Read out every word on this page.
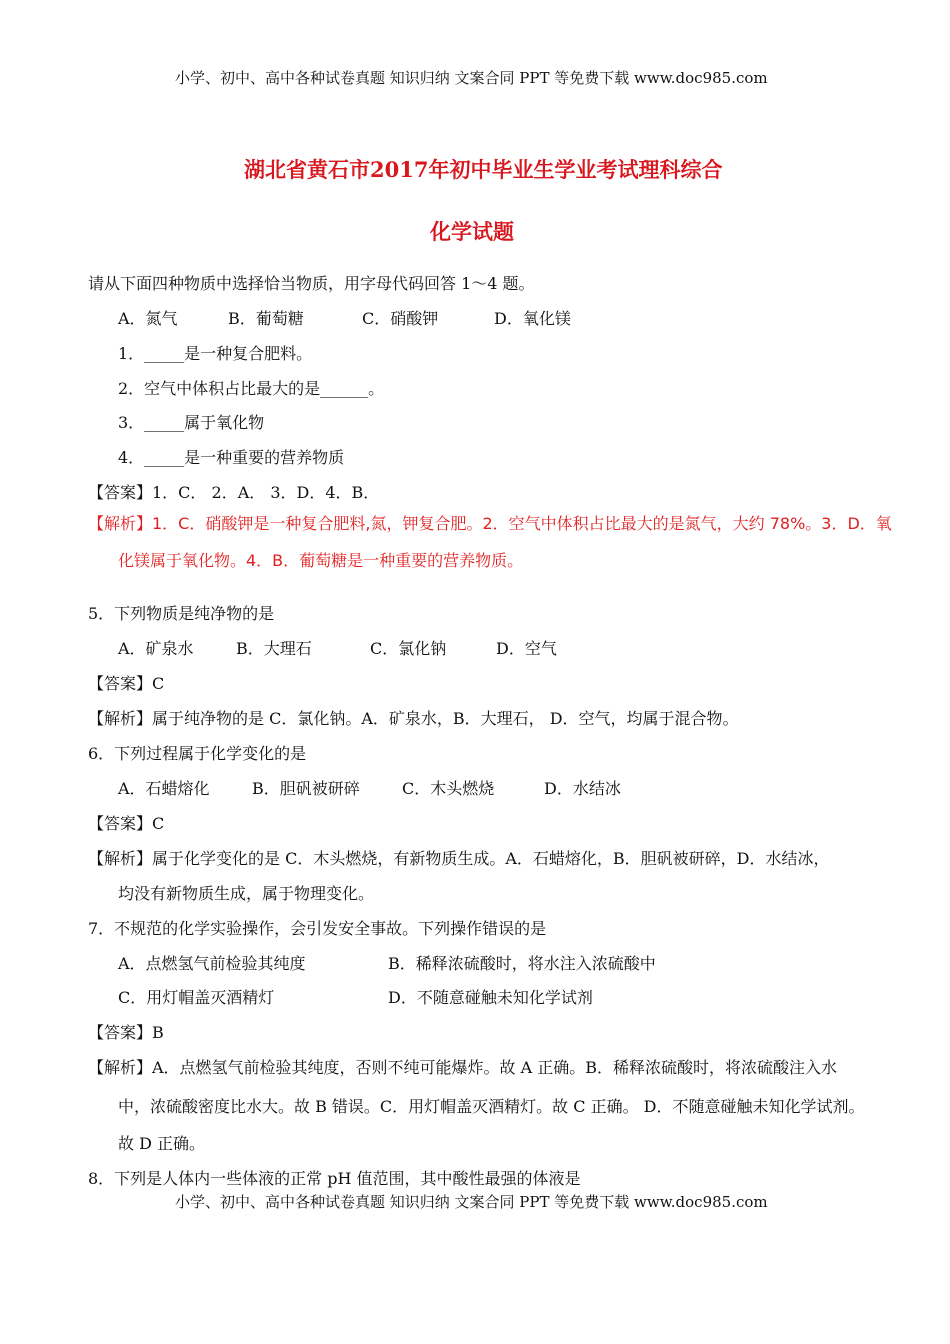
小学、初中、高中各种试卷真题 知识归纳 文案合同 PPT 等免费下载 www.doc985.com
湖北省黄石市2017年初中毕业生学业考试理科综合
化学试题
请从下面四种物质中选择恰当物质，用字母代码回答 1～4 题。
A．氮气	B．葡萄糖	C．硝酸钾	D．氧化镁
1．_____是一种复合肥料。
2．空气中体积占比最大的是______。
3．_____属于氧化物
4．_____是一种重要的营养物质
【答案】1．C． 2．A． 3．D．4．B．
【解析】1．C．硝酸钾是一种复合肥料,氮，钾复合肥。2．空气中体积占比最大的是氮气，大约 78%。3．D．氧
化镁属于氧化物。4．B．葡萄糖是一种重要的营养物质。
5．下列物质是纯净物的是
A．矿泉水	B．大理石	C．氯化钠	D．空气
【答案】C
【解析】属于纯净物的是 C．氯化钠。A．矿泉水，B．大理石， D．空气，均属于混合物。
6．下列过程属于化学变化的是
A．石蜡熔化	B．胆矾被研碎	C．木头燃烧	D．水结冰
【答案】C
【解析】属于化学变化的是 C．木头燃烧，有新物质生成。A．石蜡熔化，B．胆矾被研碎，D．水结冰，
均没有新物质生成，属于物理变化。
7．不规范的化学实验操作，会引发安全事故。下列操作错误的是
A．点燃氢气前检验其纯度	B．稀释浓硫酸时，将水注入浓硫酸中
C．用灯帽盖灭酒精灯	D．不随意碰触未知化学试剂
【答案】B
【解析】A．点燃氢气前检验其纯度，否则不纯可能爆炸。故 A 正确。B．稀释浓硫酸时，将浓硫酸注入水
中，浓硫酸密度比水大。故 B 错误。C．用灯帽盖灭酒精灯。故 C 正确。 D．不随意碰触未知化学试剂。
故 D 正确。
8．下列是人体内一些体液的正常 pH 值范围，其中酸性最强的体液是
小学、初中、高中各种试卷真题 知识归纳 文案合同 PPT 等免费下载 www.doc985.com
